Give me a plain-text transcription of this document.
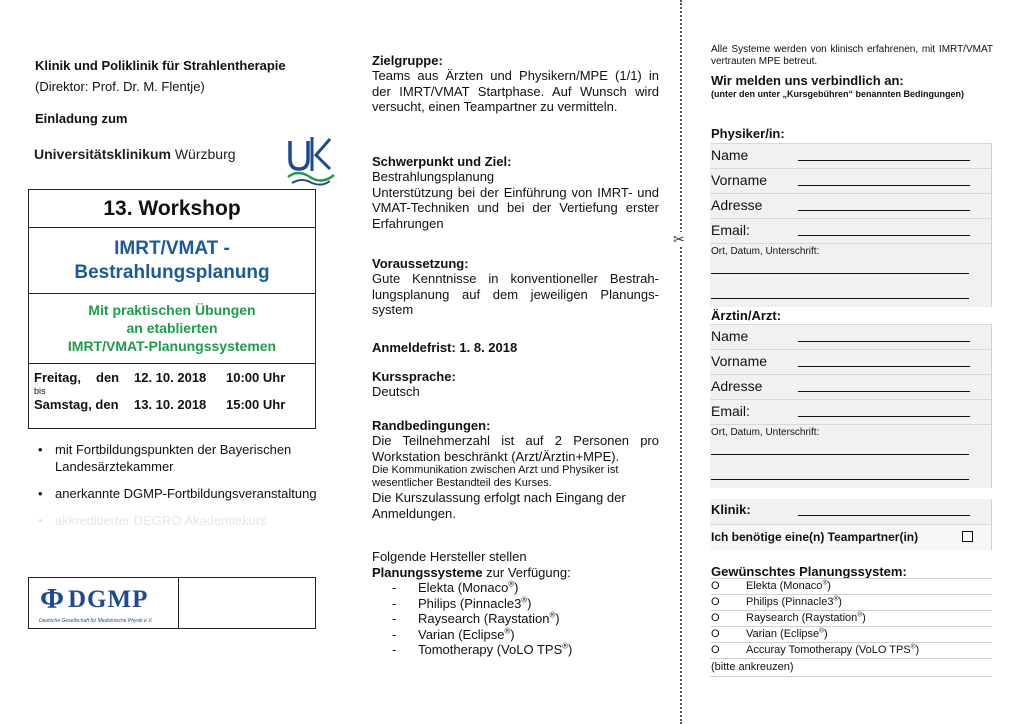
Klinik und Poliklinik für Strahlentherapie
(Direktor: Prof. Dr. M. Flentje)
Einladung zum
Universitätsklinikum Würzburg
13. Workshop
IMRT/VMAT -
Bestrahlungsplanung
Mit praktischen Übungen
an etablierten
IMRT/VMAT-Planungssystemen
Freitag, den 12. 10. 2018 10:00 Uhr
bis
Samstag, den 13. 10. 2018 15:00 Uhr
• mit Fortbildungspunkten der Bayerischen Landesärztekammer
• anerkannte DGMP-Fortbildungsveranstaltung
• akkreditierter DEGRO Akademiekurs
Φ DGMP
Deutsche Gesellschaft für Medizinische Physik e.V.
Zielgruppe:
Teams aus Ärzten und Physikern/MPE (1/1) in der IMRT/VMAT Startphase. Auf Wunsch wird versucht, einen Teampartner zu vermitteln.
Schwerpunkt und Ziel:
Bestrahlungsplanung
Unterstützung bei der Einführung von IMRT- und VMAT-Techniken und bei der Vertiefung erster Erfahrungen
Voraussetzung:
Gute Kenntnisse in konventioneller Bestrahlungsplanung auf dem jeweiligen Planungssystem
Anmeldefrist: 1. 8. 2018
Kurssprache:
Deutsch
Randbedingungen:
Die Teilnehmerzahl ist auf 2 Personen pro Workstation beschränkt (Arzt/Ärztin+MPE).
Die Kommunikation zwischen Arzt und Physiker ist wesentlicher Bestandteil des Kurses.
Die Kurszulassung erfolgt nach Eingang der Anmeldungen.
Folgende Hersteller stellen
Planungssysteme zur Verfügung:
- Elekta (Monaco®)
- Philips (Pinnacle3®)
- Raysearch (Raystation®)
- Varian (Eclipse®)
- Tomotherapy (VoLO TPS®)
✂
Alle Systeme werden von klinisch erfahrenen, mit IMRT/VMAT vertrauten MPE betreut.
Wir melden uns verbindlich an:
(unter den unter „Kursgebühren“ benannten Bedingungen)
Physiker/in:
Name
Vorname
Adresse
Email:
Ort, Datum, Unterschrift:
Ärztin/Arzt:
Name
Vorname
Adresse
Email:
Ort, Datum, Unterschrift:
Klinik:
Ich benötige eine(n) Teampartner(in)
Gewünschtes Planungssystem:
O Elekta (Monaco®)
O Philips (Pinnacle3®)
O Raysearch (Raystation®)
O Varian (Eclipse®)
O Accuray Tomotherapy (VoLO TPS®)
(bitte ankreuzen)
